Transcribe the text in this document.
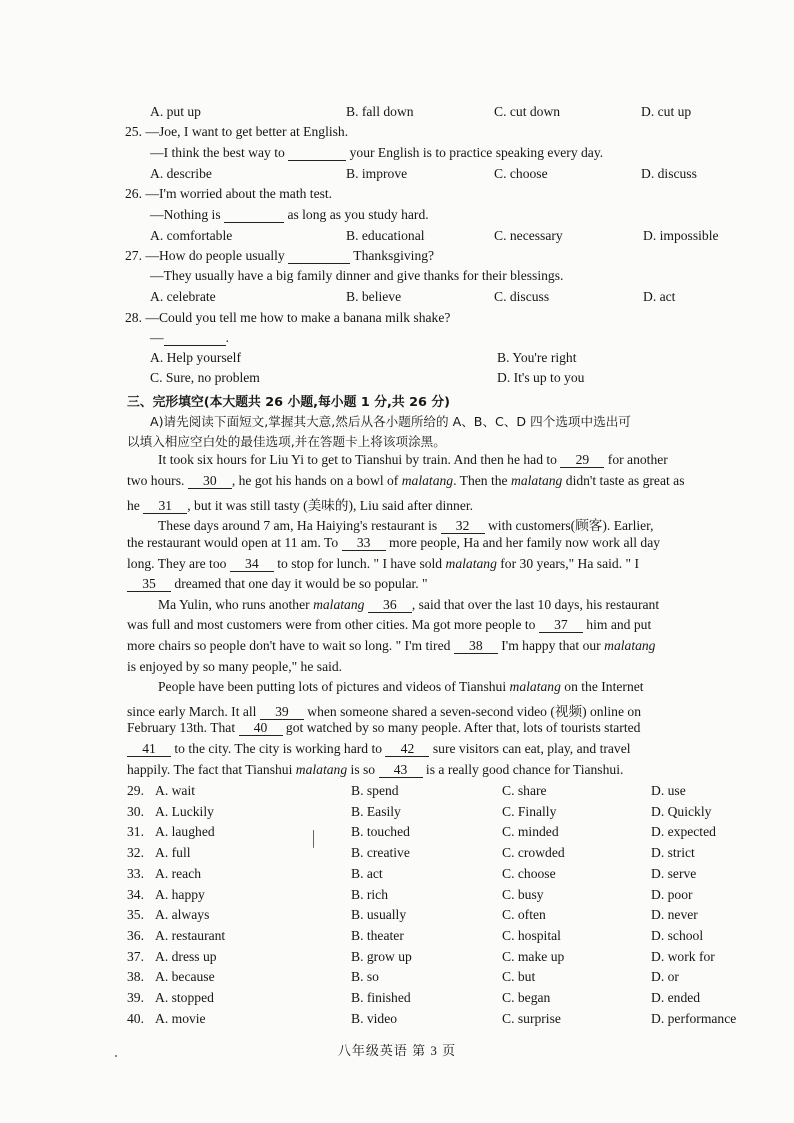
A. put up	B. fall down	C. cut down	D. cut up
25. —Joe, I want to get better at English.
—I think the best way to	your English is to practice speaking every day.
A. describe	B. improve	C. choose	D. discuss
26. —I'm worried about the math test.
—Nothing is	as long as you study hard.
A. comfortable	B. educational	C. necessary	D. impossible
27. —How do people usually	Thanksgiving?
—They usually have a big family dinner and give thanks for their blessings.
A. celebrate	B. believe	C. discuss	D. act
28. —Could you tell me how to make a banana milk shake?
—	.
A. Help yourself	B. You're right
C. Sure, no problem	D. It's up to you
三、完形填空(本大题共 26 小题,每小题 1 分,共 26 分)
A)请先阅读下面短文,掌握其大意,然后从各小题所给的 A、B、C、D 四个选项中选出可
以填入相应空白处的最佳选项,并在答题卡上将该项涂黑。
It took six hours for Liu Yi to get to Tianshui by train. And then he had to 29 for another
two hours. 30 , he got his hands on a bowl of malatang. Then the malatang didn't taste as great as
he 31 , but it was still tasty (美味的), Liu said after dinner.
These days around 7 am, Ha Haiying's restaurant is 32 with customers(顾客). Earlier,
the restaurant would open at 11 am. To 33 more people, Ha and her family now work all day
long. They are too 34 to stop for lunch. " I have sold malatang for 30 years," Ha said. " I
35 dreamed that one day it would be so popular. "
Ma Yulin, who runs another malatang 36 , said that over the last 10 days, his restaurant
was full and most customers were from other cities. Ma got more people to 37 him and put
more chairs so people don't have to wait so long. " I'm tired 38 I'm happy that our malatang
is enjoyed by so many people," he said.
People have been putting lots of pictures and videos of Tianshui malatang on the Internet
since early March. It all 39 when someone shared a seven-second video (视频) online on
February 13th. That 40 got watched by so many people. After that, lots of tourists started
41 to the city. The city is working hard to 42 sure visitors can eat, play, and travel
happily. The fact that Tianshui malatang is so 43 is a really good chance for Tianshui.
29. A. wait	B. spend	C. share	D. use
30. A. Luckily	B. Easily	C. Finally	D. Quickly
31. A. laughed	B. touched	C. minded	D. expected
32. A. full	B. creative	C. crowded	D. strict
33. A. reach	B. act	C. choose	D. serve
34. A. happy	B. rich	C. busy	D. poor
35. A. always	B. usually	C. often	D. never
36. A. restaurant	B. theater	C. hospital	D. school
37. A. dress up	B. grow up	C. make up	D. work for
38. A. because	B. so	C. but	D. or
39. A. stopped	B. finished	C. began	D. ended
40. A. movie	B. video	C. surprise	D. performance
八年级英语 第 3 页
